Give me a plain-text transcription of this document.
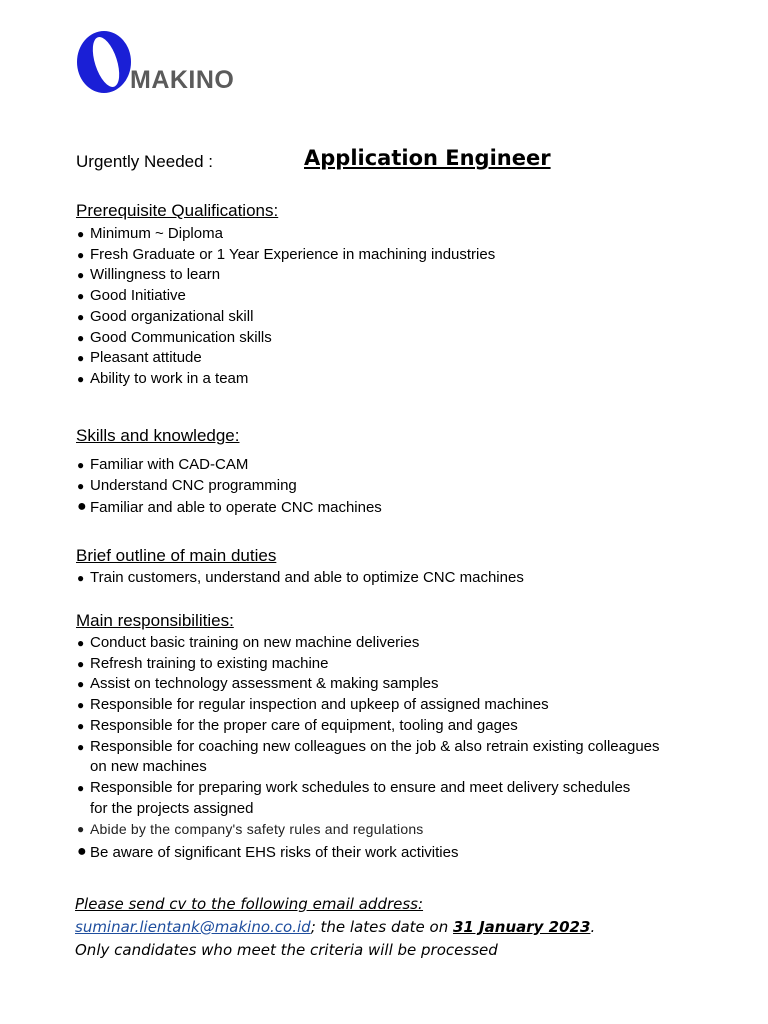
MAKINO
Urgently Needed :	Application Engineer
Prerequisite Qualifications:
● Minimum ~ Diploma
● Fresh Graduate or 1 Year Experience in machining industries
● Willingness to learn
● Good Initiative
● Good organizational skill
● Good Communication skills
● Pleasant attitude
● Ability to work in a team
Skills and knowledge:
● Familiar with CAD-CAM
● Understand CNC programming
● Familiar and able to operate CNC machines
Brief outline of main duties
● Train customers, understand and able to optimize CNC machines
Main responsibilities:
● Conduct basic training on new machine deliveries
● Refresh training to existing machine
● Assist on technology assessment & making samples
● Responsible for regular inspection and upkeep of assigned machines
● Responsible for the proper care of equipment, tooling and gages
● Responsible for coaching new colleagues on the job & also retrain existing colleagues on new machines
● Responsible for preparing work schedules to ensure and meet delivery schedules for the projects assigned
● Abide by the company's safety rules and regulations
● Be aware of significant EHS risks of their work activities
Please send cv to the following email address:
suminar.lientank@makino.co.id; the lates date on 31 January 2023.
Only candidates who meet the criteria will be processed
